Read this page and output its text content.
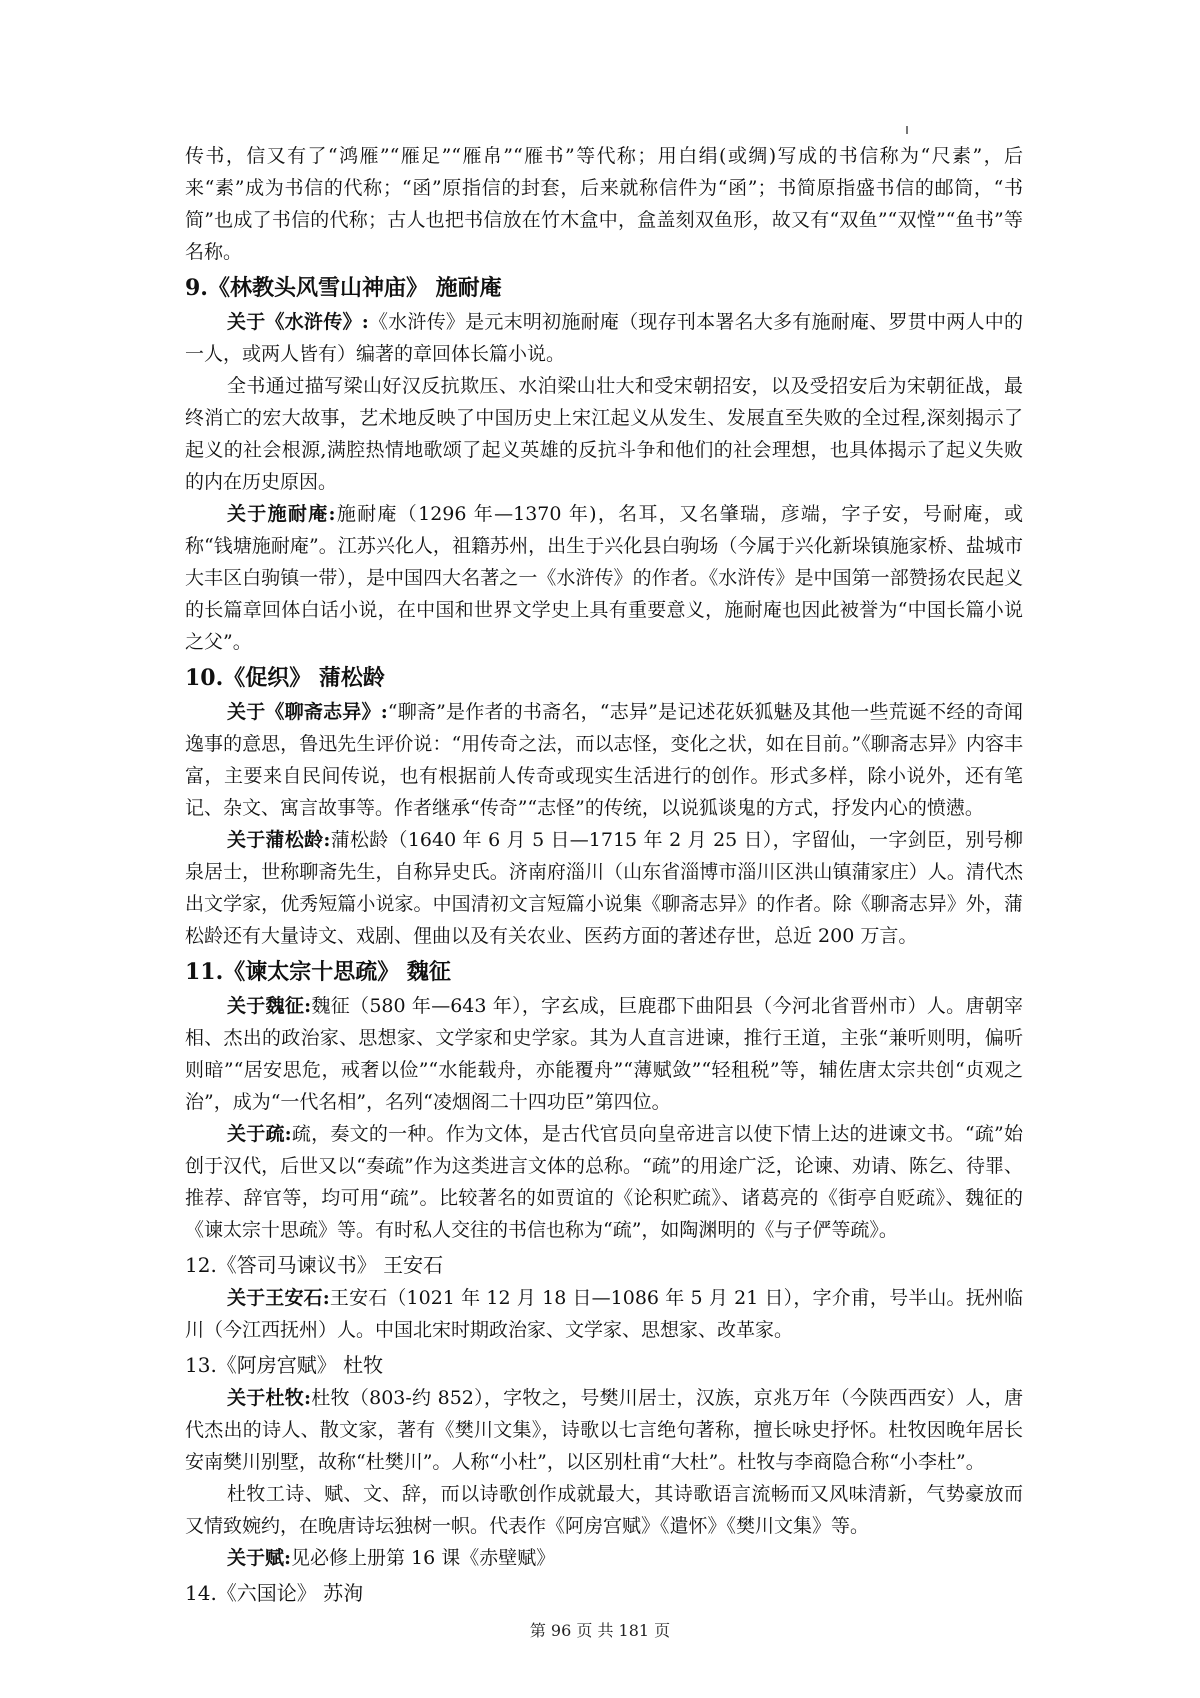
传书，信又有了“鸿雁”“雁足”“雁帛”“雁书”等代称；用白绢(或绸)写成的书信称为“尺素”，后来“素”成为书信的代称；“函”原指信的封套，后来就称信件为“函”；书简原指盛书信的邮筒，“书简”也成了书信的代称；古人也把书信放在竹木盒中，盒盖刻双鱼形，故又有“双鱼”“双憆”“鱼书”等名称。

9.《林教头风雪山神庙》 施耐庵

关于《水浒传》:《水浒传》是元末明初施耐庵（现存刊本署名大多有施耐庵、罗贯中两人中的一人，或两人皆有）编著的章回体长篇小说。

全书通过描写梁山好汉反抗欺压、水泊梁山壮大和受宋朝招安，以及受招安后为宋朝征战，最终消亡的宏大故事，艺术地反映了中国历史上宋江起义从发生、发展直至失败的全过程,深刻揭示了起义的社会根源,满腔热情地歌颂了起义英雄的反抗斗争和他们的社会理想，也具体揭示了起义失败的内在历史原因。

关于施耐庵:施耐庵（1296 年—1370 年)，名耳，又名肇瑞，彦端，字子安，号耐庵，或称“钱塘施耐庵”。江苏兴化人，祖籍苏州，出生于兴化县白驹场（今属于兴化新垛镇施家桥、盐城市大丰区白驹镇一带），是中国四大名著之一《水浒传》的作者。《水浒传》是中国第一部赞扬农民起义的长篇章回体白话小说，在中国和世界文学史上具有重要意义，施耐庵也因此被誉为“中国长篇小说之父”。

10.《促织》 蒲松龄

关于《聊斋志异》:“聊斋”是作者的书斋名，“志异”是记述花妖狐魅及其他一些荒诞不经的奇闻逸事的意思，鲁迅先生评价说：“用传奇之法，而以志怪，变化之状，如在目前。”《聊斋志异》内容丰富，主要来自民间传说，也有根据前人传奇或现实生活进行的创作。形式多样，除小说外，还有笔记、杂文、寓言故事等。作者继承“传奇”“志怪”的传统，以说狐谈鬼的方式，抒发内心的愤懑。

关于蒲松龄:蒲松龄（1640 年 6 月 5 日—1715 年 2 月 25 日），字留仙，一字剑臣，别号柳泉居士，世称聊斋先生，自称异史氏。济南府淄川（山东省淄博市淄川区洪山镇蒲家庄）人。清代杰出文学家，优秀短篇小说家。中国清初文言短篇小说集《聊斋志异》的作者。除《聊斋志异》外，蒲松龄还有大量诗文、戏剧、俚曲以及有关农业、医药方面的著述存世，总近 200 万言。

11.《谏太宗十思疏》 魏征

关于魏征:魏征（580 年—643 年），字玄成，巨鹿郡下曲阳县（今河北省晋州市）人。唐朝宰相、杰出的政治家、思想家、文学家和史学家。其为人直言进谏，推行王道，主张“兼听则明，偏听则暗”“居安思危，戒奢以俭”“水能载舟，亦能覆舟”“薄赋敛”“轻租税”等，辅佐唐太宗共创“贞观之治”，成为“一代名相”，名列“凌烟阁二十四功臣”第四位。

关于疏:疏，奏文的一种。作为文体，是古代官员向皇帝进言以使下情上达的进谏文书。“疏”始创于汉代，后世又以“奏疏”作为这类进言文体的总称。“疏”的用途广泛，论谏、劝请、陈乞、待罪、推荐、辞官等，均可用“疏”。比较著名的如贾谊的《论积贮疏》、诸葛亮的《街亭自贬疏》、魏征的《谏太宗十思疏》等。有时私人交往的书信也称为“疏”，如陶渊明的《与子俨等疏》。

12.《答司马谏议书》 王安石

关于王安石:王安石（1021 年 12 月 18 日—1086 年 5 月 21 日），字介甫，号半山。抚州临川（今江西抚州）人。中国北宋时期政治家、文学家、思想家、改革家。

13.《阿房宫赋》 杜牧

关于杜牧:杜牧（803-约 852），字牧之，号樊川居士，汉族，京兆万年（今陕西西安）人，唐代杰出的诗人、散文家，著有《樊川文集》，诗歌以七言绝句著称，擅长咏史抒怀。杜牧因晚年居长安南樊川别墅，故称“杜樊川”。人称“小杜”，以区别杜甫“大杜”。杜牧与李商隐合称“小李杜”。

杜牧工诗、赋、文、辞，而以诗歌创作成就最大，其诗歌语言流畅而又风味清新，气势豪放而又情致婉约，在晚唐诗坛独树一帜。代表作《阿房宫赋》《遣怀》《樊川文集》等。

关于赋:见必修上册第 16 课《赤壁赋》

14.《六国论》 苏洵
第 96 页 共 181 页
